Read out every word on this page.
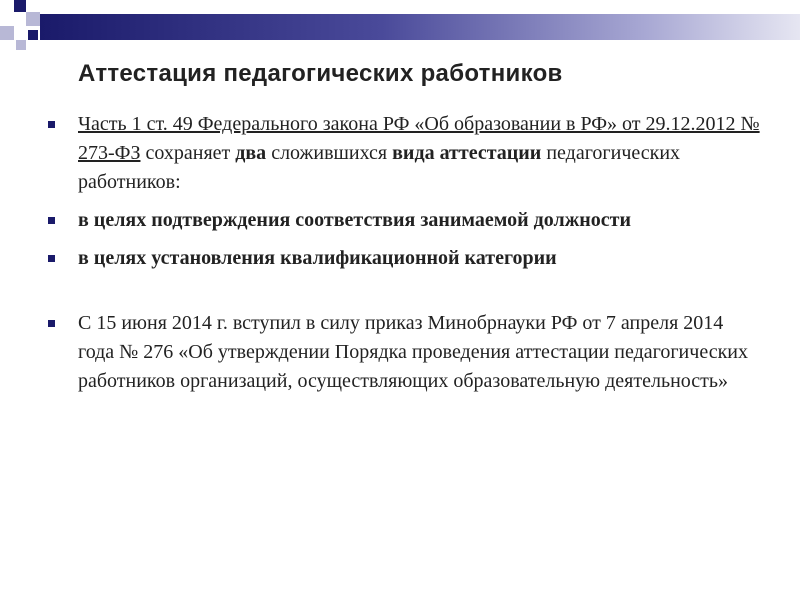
Аттестация педагогических работников
Часть 1 ст. 49 Федерального закона РФ «Об образовании в РФ» от 29.12.2012 № 273-ФЗ сохраняет два сложившихся вида аттестации педагогических работников:
в целях подтверждения соответствия занимаемой должности
в целях установления квалификационной категории
С 15 июня 2014 г. вступил в силу приказ Минобрнауки РФ от 7 апреля 2014 года № 276 «Об утверждении Порядка проведения аттестации педагогических работников организаций, осуществляющих образовательную деятельность»
